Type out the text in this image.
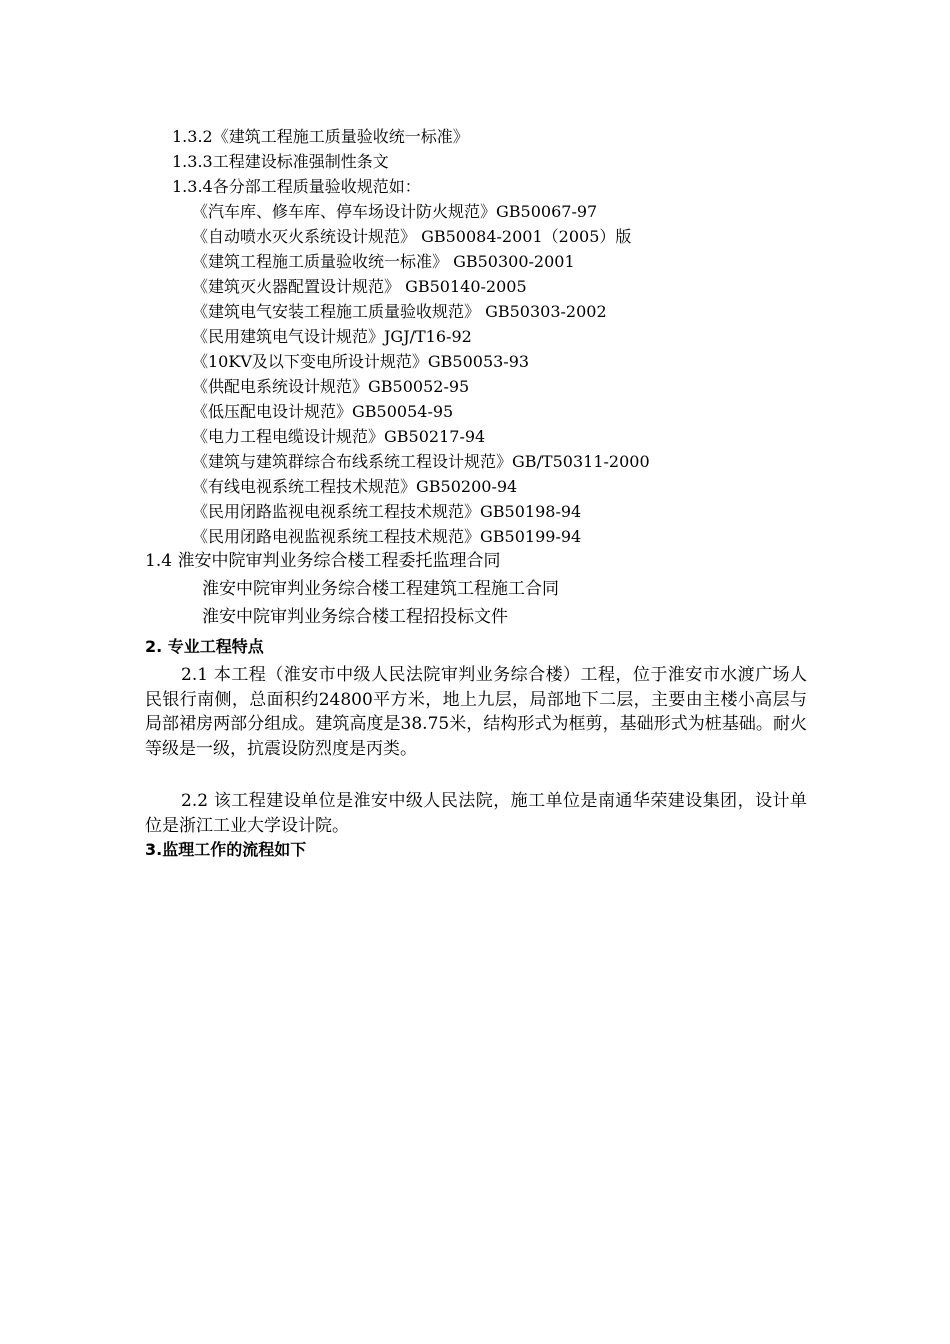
1.3.2《建筑工程施工质量验收统一标准》
1.3.3工程建设标准强制性条文
1.3.4各分部工程质量验收规范如：
《汽车库、修车库、停车场设计防火规范》GB50067-97
《自动喷水灭火系统设计规范》 GB50084-2001（2005）版
《建筑工程施工质量验收统一标准》 GB50300-2001
《建筑灭火器配置设计规范》 GB50140-2005
《建筑电气安装工程施工质量验收规范》 GB50303-2002
《民用建筑电气设计规范》JGJ/T16-92
《10KV及以下变电所设计规范》GB50053-93
《供配电系统设计规范》GB50052-95
《低压配电设计规范》GB50054-95
《电力工程电缆设计规范》GB50217-94
《建筑与建筑群综合布线系统工程设计规范》GB/T50311-2000
《有线电视系统工程技术规范》GB50200-94
《民用闭路监视电视系统工程技术规范》GB50198-94
《民用闭路电视监视系统工程技术规范》GB50199-94
1.4 淮安中院审判业务综合楼工程委托监理合同
淮安中院审判业务综合楼工程建筑工程施工合同
淮安中院审判业务综合楼工程招投标文件
2. 专业工程特点
2.1 本工程（淮安市中级人民法院审判业务综合楼）工程，位于淮安市水渡广场人民银行南侧，总面积约24800平方米，地上九层，局部地下二层，主要由主楼小高层与局部裙房两部分组成。建筑高度是38.75米，结构形式为框剪，基础形式为桩基础。耐火等级是一级，抗震设防烈度是丙类。
2.2 该工程建设单位是淮安中级人民法院，施工单位是南通华荣建设集团，设计单位是浙江工业大学设计院。
3.监理工作的流程如下
